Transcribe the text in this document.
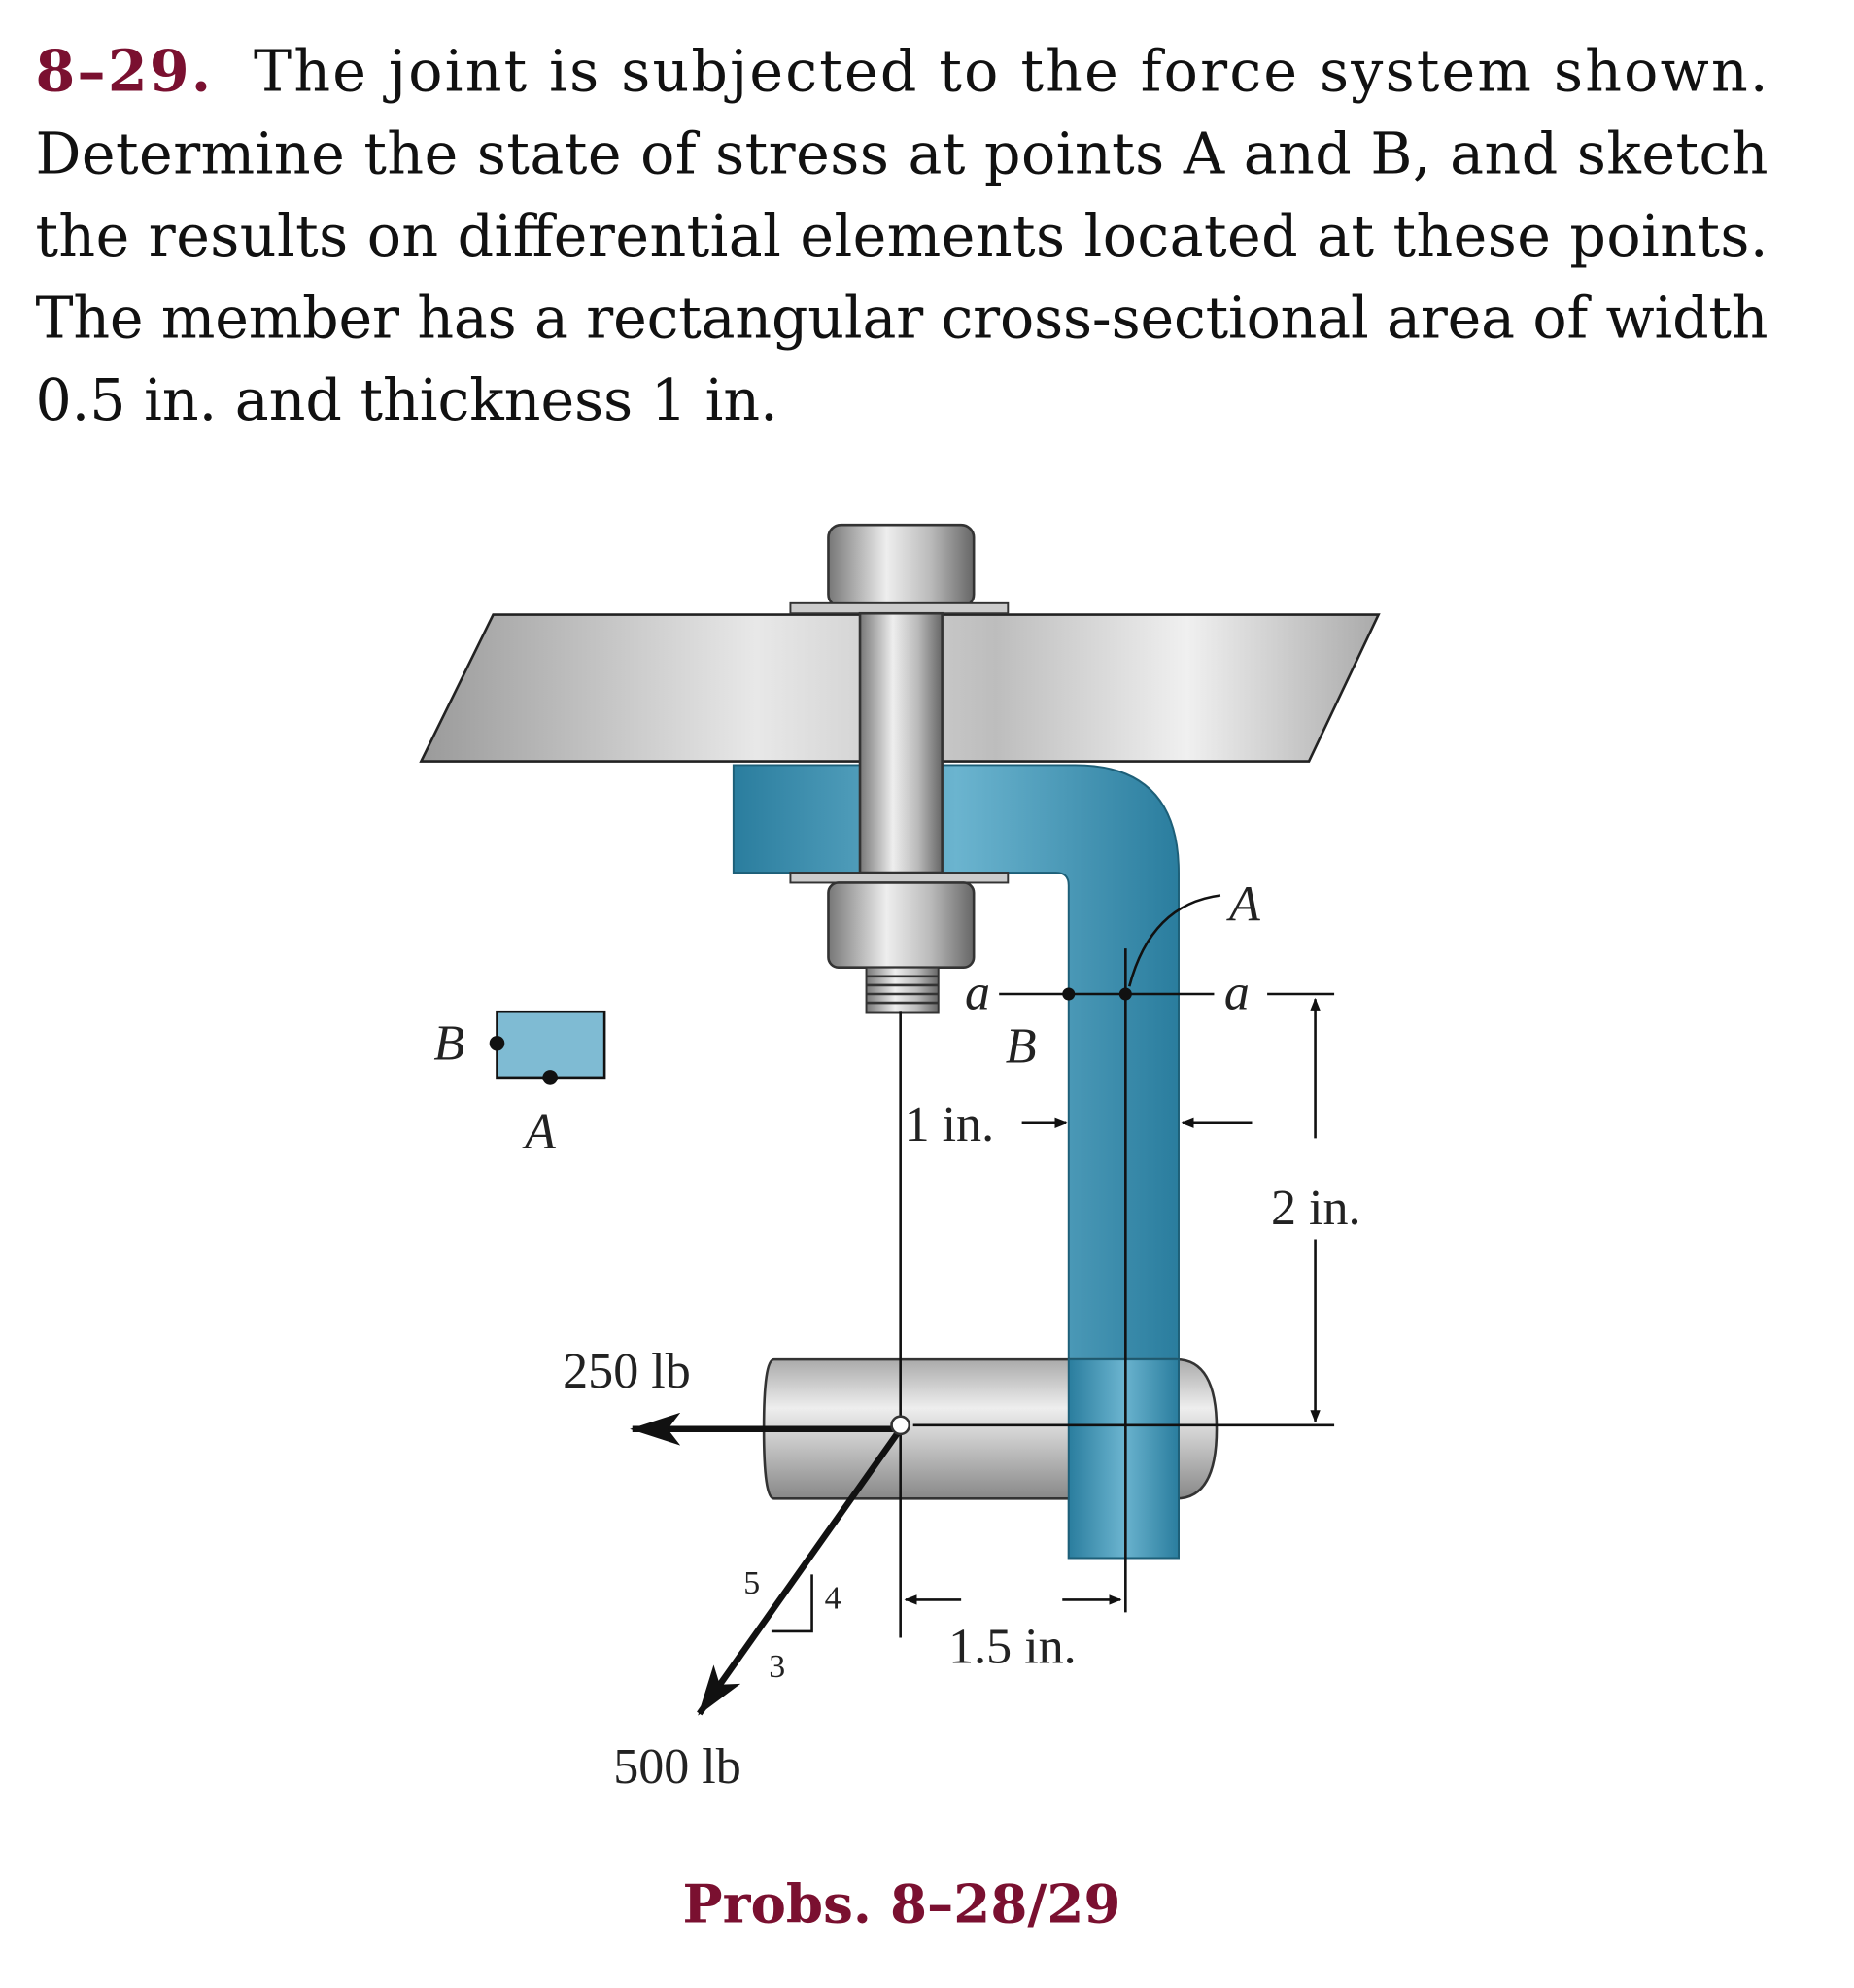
8–29. The joint is subjected to the force system shown.
Determine the state of stress at points A and B, and sketch
the results on differential elements located at these points.
The member has a rectangular cross-sectional area of width
0.5 in. and thickness 1 in.
a	a
A
B
1 in.
2 in.
250 lb
500 lb
5	4
3	1.5 in.
B
A
Probs. 8–28/29
